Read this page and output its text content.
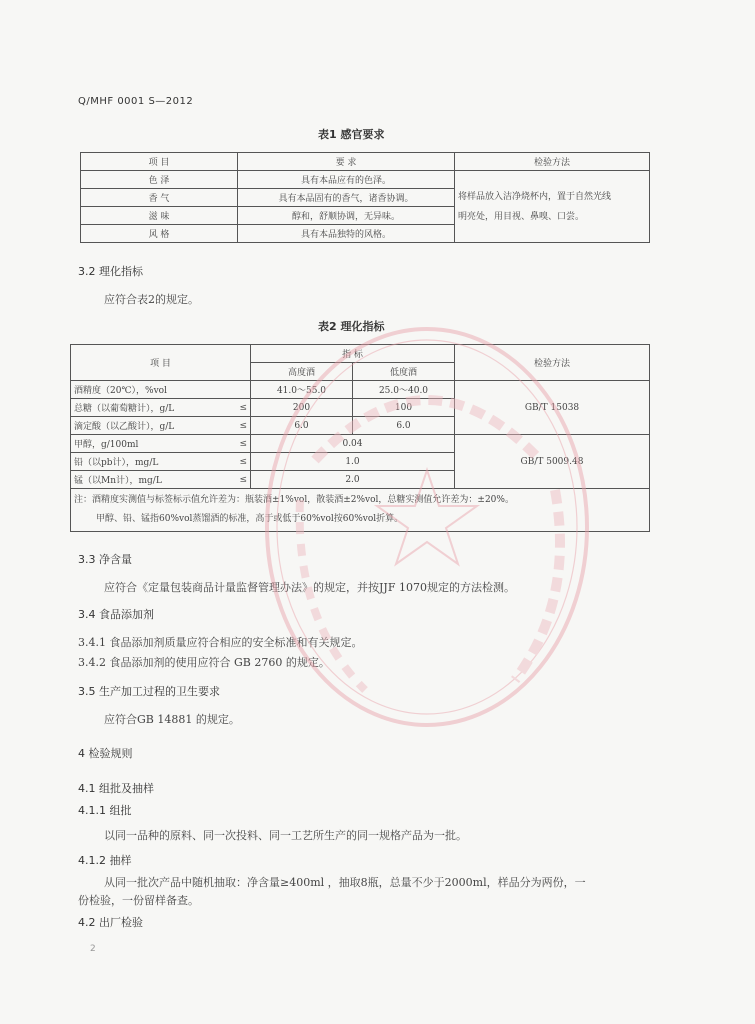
Q/MHF 0001 S—2012
表1 感官要求
项 目	要 求	检验方法
色 泽	具有本品应有的色泽。	将样品放入洁净烧杯内，置于自然光线
明亮处，用目视、鼻嗅、口尝。

香 气	具有本品固有的香气，诸香协调。	
滋 味	醇和，舒顺协调，无异味。	
风 格	具有本品独特的风格。	
3.2 理化指标
应符合表2的规定。
表2 理化指标
项 目		指 标		检验方法
		高度酒	低度酒	
酒精度（20℃），%vol		41.0～55.0	25.0～40.0	GB/T 15038
总糖（以葡萄糖计），g/L	≤	200	100	
滴定酸（以乙酸计），g/L	≤	6.0	6.0	
甲醇，g/100ml	≤	0.04		GB/T 5009.48
铅（以pb计），mg/L	≤	1.0		
锰（以Mn计），mg/L	≤	2.0		

注：酒精度实测值与标签标示值允许差为：瓶装酒±1%vol，散装酒±2%vol，总糖实测值允许差为：±20%。
甲醇、铅、锰指60%vol蒸馏酒的标准，高于或低于60%vol按60%vol折算。				
3.3 净含量
应符合《定量包装商品计量监督管理办法》的规定，并按JJF 1070规定的方法检测。
3.4 食品添加剂
3.4.1 食品添加剂质量应符合相应的安全标准和有关规定。
3.4.2 食品添加剂的使用应符合 GB 2760 的规定。
3.5 生产加工过程的卫生要求
应符合GB 14881 的规定。
4 检验规则
4.1 组批及抽样
4.1.1 组批
以同一品种的原料、同一次投料、同一工艺所生产的同一规格产品为一批。
4.1.2 抽样
从同一批次产品中随机抽取：净含量≥400ml ，抽取8瓶，总量不少于2000ml，样品分为两份，一
份检验，一份留样备查。
4.2 出厂检验
2
